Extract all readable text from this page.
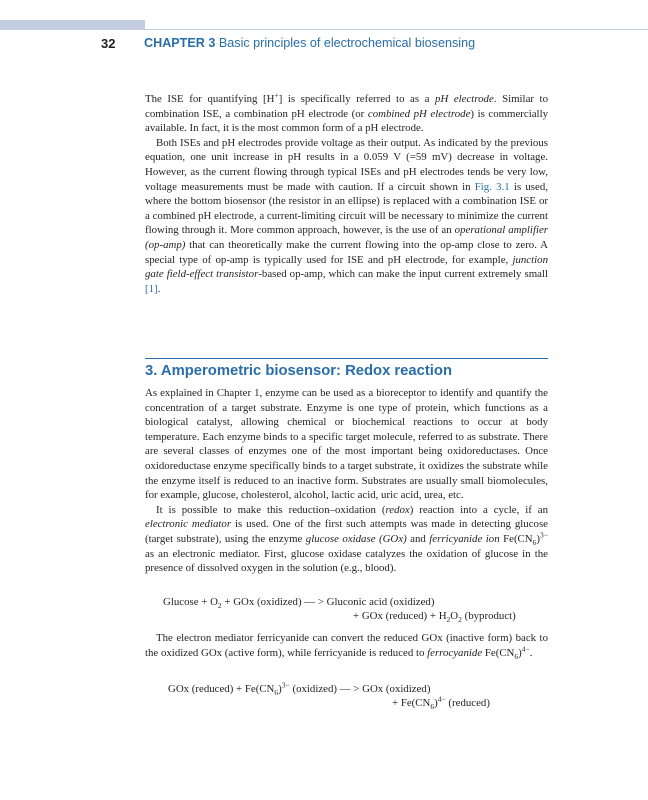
32 CHAPTER 3 Basic principles of electrochemical biosensing

The ISE for quantifying [H+] is specifically referred to as a pH electrode. Similar to combination ISE, a combination pH electrode (or combined pH electrode) is commercially available. In fact, it is the most common form of a pH electrode.

Both ISEs and pH electrodes provide voltage as their output. As indicated by the previous equation, one unit increase in pH results in a 0.059 V (=59 mV) decrease in voltage. However, as the current flowing through typical ISEs and pH electrodes tends be very low, voltage measurements must be made with caution. If a circuit shown in Fig. 3.1 is used, where the bottom biosensor (the resistor in an ellipse) is replaced with a combination ISE or a combined pH electrode, a current-limiting circuit will be necessary to minimize the current flowing through it. More common approach, however, is the use of an operational amplifier (op-amp) that can theoretically make the current flowing into the op-amp close to zero. A special type of op-amp is typically used for ISE and pH electrode, for example, junction gate field-effect transistor-based op-amp, which can make the input current extremely small [1].

3. Amperometric biosensor: Redox reaction

As explained in Chapter 1, enzyme can be used as a bioreceptor to identify and quantify the concentration of a target substrate. Enzyme is one type of protein, which functions as a biological catalyst, allowing chemical or biochemical reactions to occur at body temperature. Each enzyme binds to a specific target molecule, referred to as substrate. There are several classes of enzymes one of the most important being oxidoreductases. Once oxidoreductase enzyme specifically binds to a target substrate, it oxidizes the substrate while the enzyme itself is reduced to an inactive form. Substrates are usually small biomolecules, for example, glucose, cholesterol, alcohol, lactic acid, uric acid, urea, etc.

It is possible to make this reduction–oxidation (redox) reaction into a cycle, if an electronic mediator is used. One of the first such attempts was made in detecting glucose (target substrate), using the enzyme glucose oxidase (GOx) and ferricyanide ion $Fe(CN_6)^{3-}$ as an electronic mediator. First, glucose oxidase catalyzes the oxidation of glucose in the presence of dissolved oxygen in the solution (e.g., blood).

$Glucose + O_2$ + GOx (oxidized) — > Gluconic acid (oxidized)
+ GOx (reduced) + $H_2O_2$ (byproduct)

The electron mediator ferricyanide can convert the reduced GOx (inactive form) back to the oxidized GOx (active form), while ferricyanide is reduced to ferrocyanide $Fe(CN_6)^{4-}$.

GOx (reduced) + $Fe(CN_6)^{3-}$ (oxidized) — > GOx (oxidized)
+ $Fe(CN_6)^{4-}$ (reduced)
